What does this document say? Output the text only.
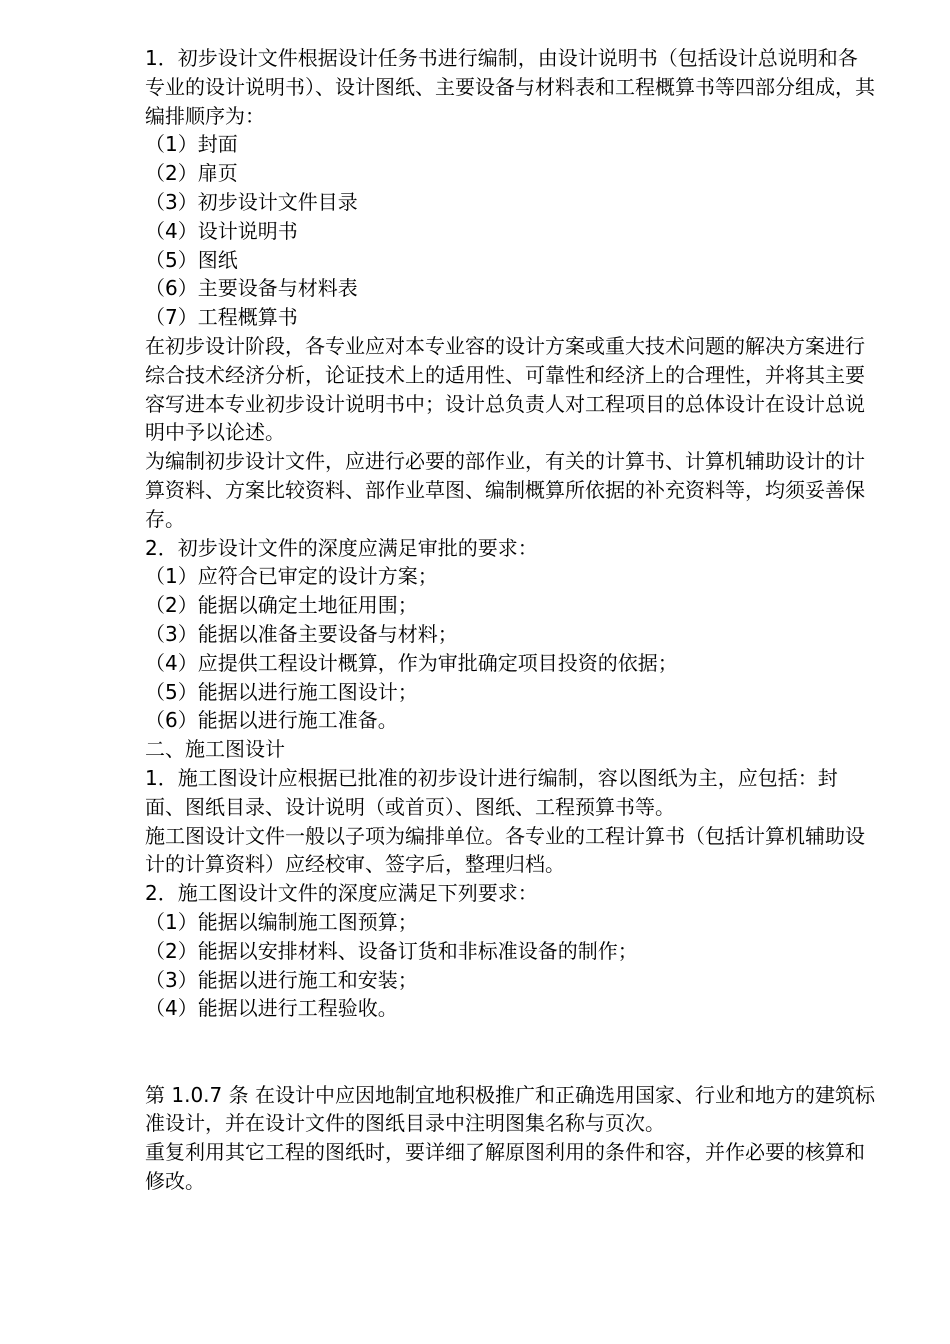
1．初步设计文件根据设计任务书进行编制，由设计说明书（包括设计总说明和各专业的设计说明书）、设计图纸、主要设备与材料表和工程概算书等四部分组成，其编排顺序为：

（1）封面

（2）扉页

（3）初步设计文件目录

（4）设计说明书

（5）图纸

（6）主要设备与材料表

（7）工程概算书

在初步设计阶段，各专业应对本专业容的设计方案或重大技术问题的解决方案进行综合技术经济分析，论证技术上的适用性、可靠性和经济上的合理性，并将其主要容写进本专业初步设计说明书中；设计总负责人对工程项目的总体设计在设计总说明中予以论述。

为编制初步设计文件，应进行必要的部作业，有关的计算书、计算机辅助设计的计算资料、方案比较资料、部作业草图、编制概算所依据的补充资料等，均须妥善保存。

2．初步设计文件的深度应满足审批的要求：

（1）应符合已审定的设计方案；

（2）能据以确定土地征用围；

（3）能据以准备主要设备与材料；

（4）应提供工程设计概算，作为审批确定项目投资的依据；

（5）能据以进行施工图设计；

（6）能据以进行施工准备。

二、施工图设计

1．施工图设计应根据已批准的初步设计进行编制，容以图纸为主，应包括：封面、图纸目录、设计说明（或首页）、图纸、工程预算书等。

施工图设计文件一般以子项为编排单位。各专业的工程计算书（包括计算机辅助设计的计算资料）应经校审、签字后，整理归档。

2．施工图设计文件的深度应满足下列要求：

（1）能据以编制施工图预算；

（2）能据以安排材料、设备订货和非标准设备的制作；

（3）能据以进行施工和安装；

（4）能据以进行工程验收。

第 1.0.7 条 在设计中应因地制宜地积极推广和正确选用国家、行业和地方的建筑标准设计，并在设计文件的图纸目录中注明图集名称与页次。

重复利用其它工程的图纸时，要详细了解原图利用的条件和容，并作必要的核算和修改。
